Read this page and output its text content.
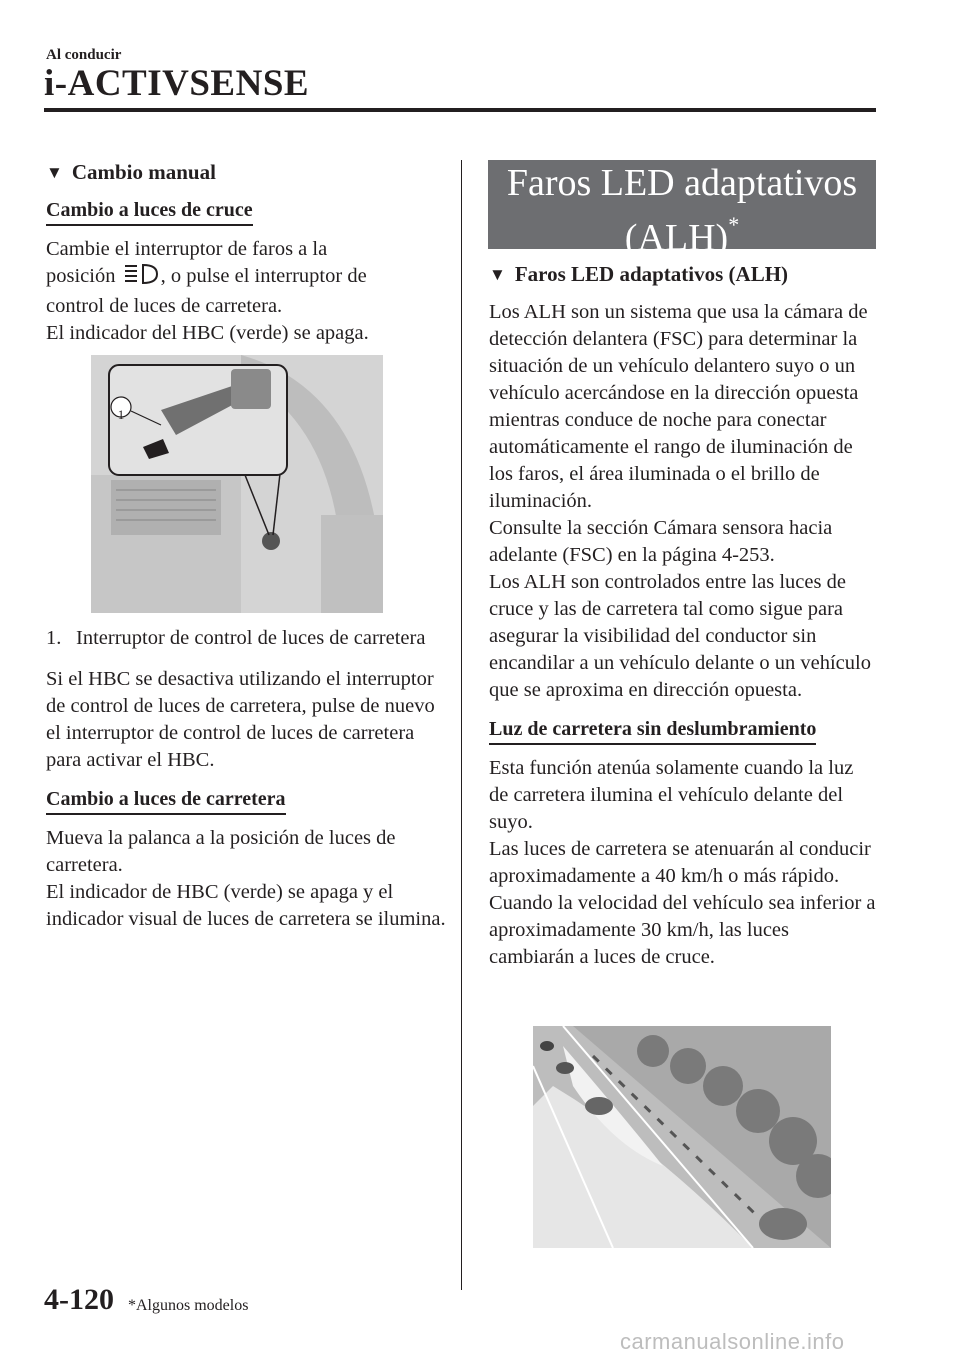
Al conducir
i-ACTIVSENSE
▼ Cambio manual
Cambio a luces de cruce
Cambie el interruptor de faros a la
posición , o pulse el interruptor de
control de luces de carretera.
El indicador del HBC (verde) se apaga.
1
1. Interruptor de control de luces de carretera
Si el HBC se desactiva utilizando el interruptor de control de luces de carretera, pulse de nuevo el interruptor de control de luces de carretera para activar el HBC.
Cambio a luces de carretera
Mueva la palanca a la posición de luces de carretera.
El indicador de HBC (verde) se apaga y el indicador visual de luces de carretera se ilumina.
Faros LED adaptativos
(ALH)*
▼ Faros LED adaptativos (ALH)
Los ALH son un sistema que usa la cámara de detección delantera (FSC) para determinar la situación de un vehículo delantero suyo o un vehículo acercándose en la dirección opuesta mientras conduce de noche para conectar automáticamente el rango de iluminación de los faros, el área iluminada o el brillo de iluminación.
Consulte la sección Cámara sensora hacia adelante (FSC) en la página 4-253.
Los ALH son controlados entre las luces de cruce y las de carretera tal como sigue para asegurar la visibilidad del conductor sin encandilar a un vehículo delante o un vehículo que se aproxima en dirección opuesta.
Luz de carretera sin deslumbramiento
Esta función atenúa solamente cuando la luz de carretera ilumina el vehículo delante del suyo.
Las luces de carretera se atenuarán al conducir aproximadamente a 40 km/h o más rápido. Cuando la velocidad del vehículo sea inferior a aproximadamente 30 km/h, las luces cambiarán a luces de cruce.
4-120 *Algunos modelos
carmanualsonline.info
